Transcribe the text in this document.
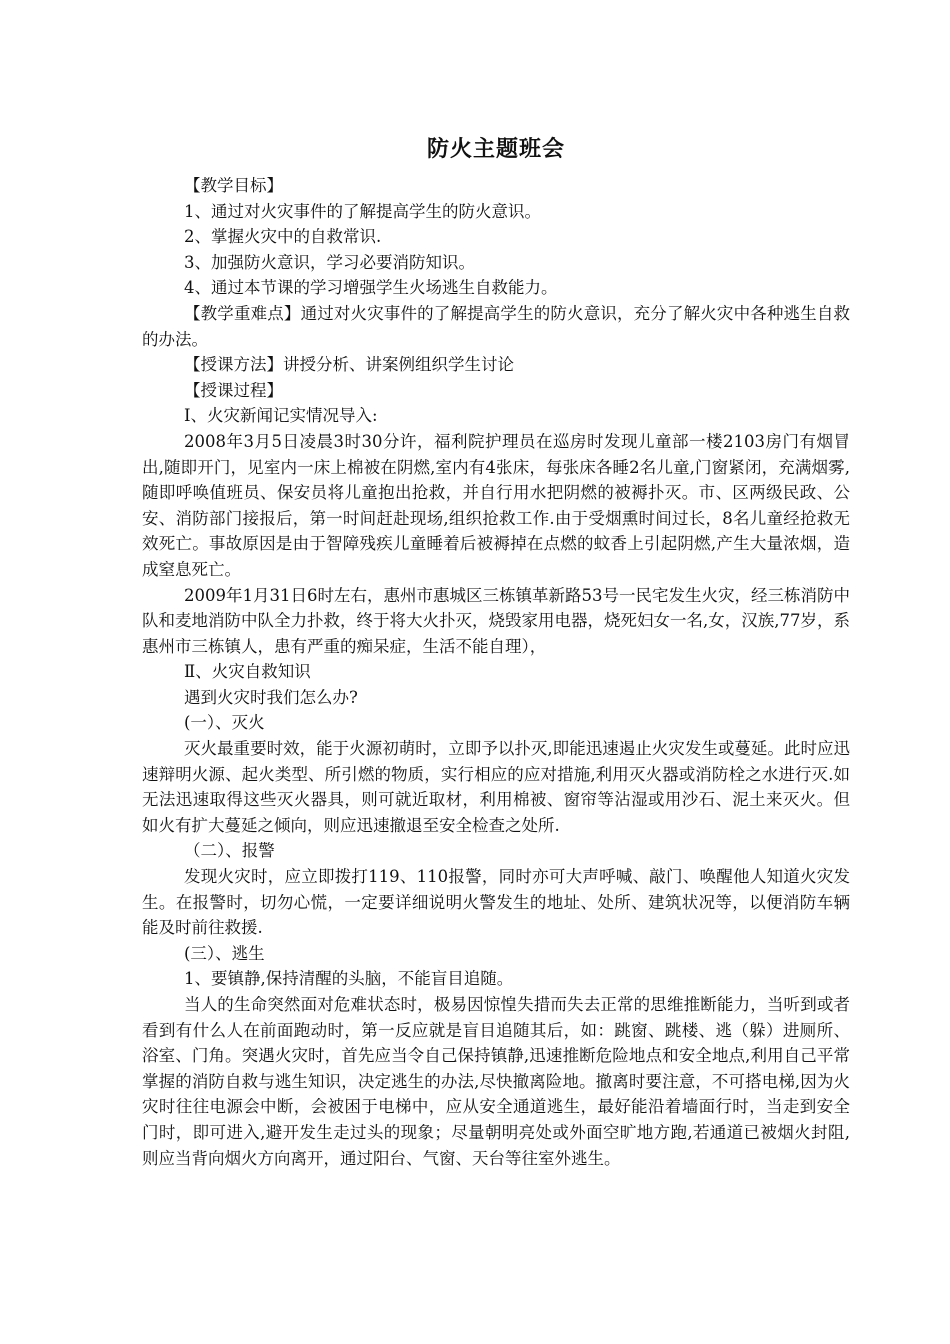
防火主题班会

【教学目标】

1、通过对火灾事件的了解提高学生的防火意识。

2、掌握火灾中的自救常识.

3、加强防火意识，学习必要消防知识。

4、通过本节课的学习增强学生火场逃生自救能力。

【教学重难点】通过对火灾事件的了解提高学生的防火意识，充分了解火灾中各种逃生自救的办法。

【授课方法】讲授分析、讲案例组织学生讨论

【授课过程】

Ⅰ、火灾新闻记实情况导入:

2008年3月5日凌晨3时30分许，福利院护理员在巡房时发现儿童部一楼2103房门有烟冒出,随即开门，见室内一床上棉被在阴燃,室内有4张床，每张床各睡2名儿童,门窗紧闭，充满烟雾,随即呼唤值班员、保安员将儿童抱出抢救，并自行用水把阴燃的被褥扑灭。市、区两级民政、公安、消防部门接报后，第一时间赶赴现场,组织抢救工作.由于受烟熏时间过长，8名儿童经抢救无效死亡。事故原因是由于智障残疾儿童睡着后被褥掉在点燃的蚊香上引起阴燃,产生大量浓烟，造成窒息死亡。

2009年1月31日6时左右，惠州市惠城区三栋镇革新路53号一民宅发生火灾，经三栋消防中队和麦地消防中队全力扑救，终于将大火扑灭，烧毁家用电器，烧死妇女一名,女，汉族,77岁，系惠州市三栋镇人，患有严重的痴呆症，生活不能自理），

Ⅱ、火灾自救知识

遇到火灾时我们怎么办?

(一）、灭火

灭火最重要时效，能于火源初萌时，立即予以扑灭,即能迅速遏止火灾发生或蔓延。此时应迅速辩明火源、起火类型、所引燃的物质，实行相应的应对措施,利用灭火器或消防栓之水进行灭.如无法迅速取得这些灭火器具，则可就近取材，利用棉被、窗帘等沾湿或用沙石、泥土来灭火。但如火有扩大蔓延之倾向，则应迅速撤退至安全检查之处所.

（二）、报警

发现火灾时，应立即拨打119、110报警，同时亦可大声呼喊、敲门、唤醒他人知道火灾发生。在报警时，切勿心慌，一定要详细说明火警发生的地址、处所、建筑状况等，以便消防车辆能及时前往救援.

(三）、逃生

1、要镇静,保持清醒的头脑，不能盲目追随。

当人的生命突然面对危难状态时，极易因惊惶失措而失去正常的思维推断能力，当听到或者看到有什么人在前面跑动时，第一反应就是盲目追随其后，如：跳窗、跳楼、逃（躲）进厕所、浴室、门角。突遇火灾时，首先应当令自己保持镇静,迅速推断危险地点和安全地点,利用自己平常掌握的消防自救与逃生知识，决定逃生的办法,尽快撤离险地。撤离时要注意，不可搭电梯,因为火灾时往往电源会中断，会被困于电梯中，应从安全通道逃生，最好能沿着墙面行时，当走到安全门时，即可进入,避开发生走过头的现象；尽量朝明亮处或外面空旷地方跑,若通道已被烟火封阻,则应当背向烟火方向离开，通过阳台、气窗、天台等往室外逃生。
